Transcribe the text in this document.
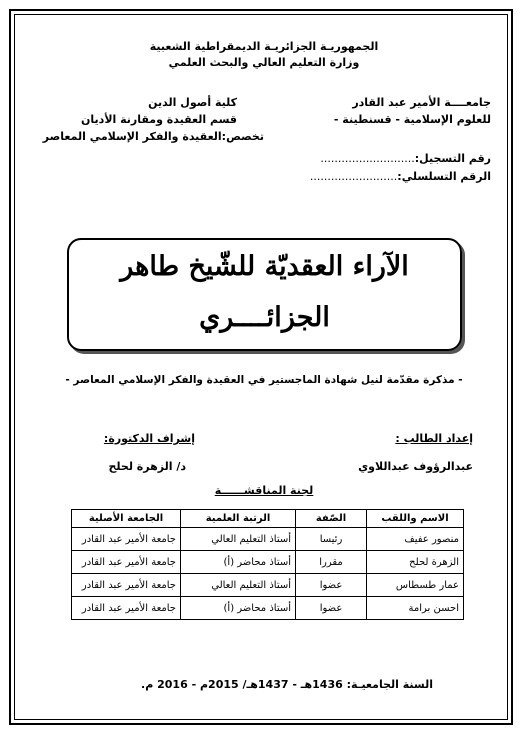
الجمهوريـة الجزائريـة الديمقراطية الشعبية
وزارة التعليم العالي والبحث العلمي
جامعــــة الأمير عبد القادر
للعلوم الإسلامية - قسنطينة -
كلية أصول الدين
قسم العقيدة ومقارنة الأديان
تخصص:العقيدة والفكر الإسلامي المعاصر
رقم التسجيل:...........................
الرقم التسلسلي:.........................
الآراء العقديّة للشّيخ طاهر
الجزائــــري
- مذكرة مقدّمة لنيل شهادة الماجستير في العقيدة والفكر الإسلامي المعاصر -
إعداد الطالب :
عبدالرؤوف عبداللاوي
إشراف الدكتورة:
د/ الزهرة لحلح
لجنة المناقشــــــة
الاسم واللقب	الصّفة	الرتبة العلمية	الجامعة الأصلية
منصور عفيف	رئيسا	أستاذ التعليم العالي	جامعة الأمير عبد القادر
الزهرة لحلح	مقررا	أستاذ محاضر (أ)	جامعة الأمير عبد القادر
عمار طسطاس	عضوا	أستاذ التعليم العالي	جامعة الأمير عبد القادر
احسن برامة	عضوا	أستاذ محاضر (أ)	جامعة الأمير عبد القادر
السنة الجامعيـة: 1436هـ - 1437هـ/ 2015م - 2016 م.
